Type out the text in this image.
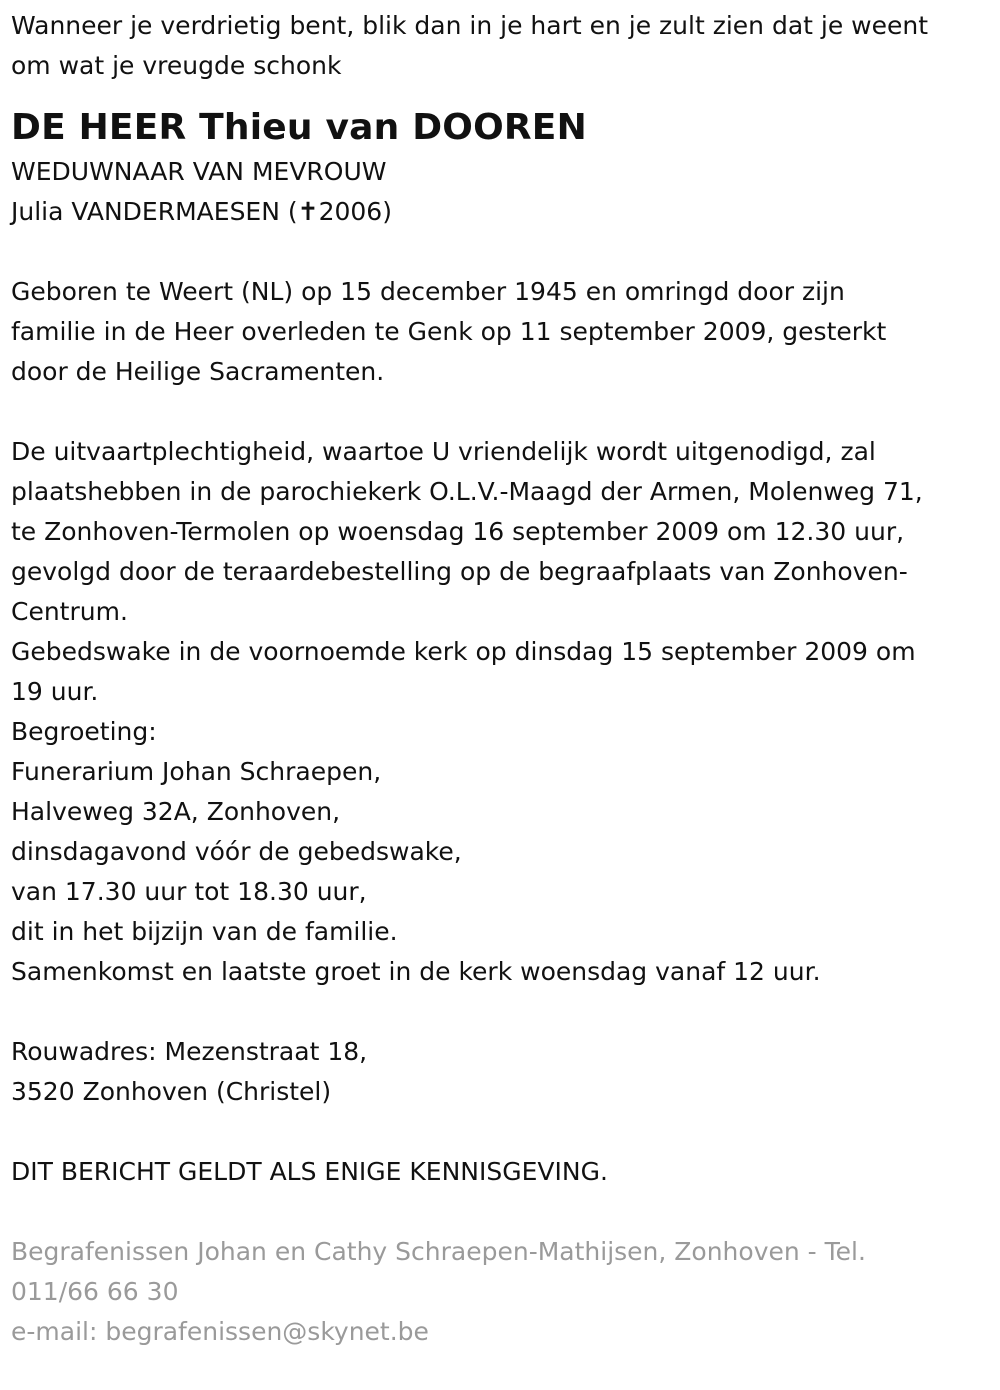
Wanneer je verdrietig bent, blik dan in je hart en je zult zien dat je weent
om wat je vreugde schonk
DE HEER Thieu van DOOREN
WEDUWNAAR VAN MEVROUW
Julia VANDERMAESEN (✝2006)
Geboren te Weert (NL) op 15 december 1945 en omringd door zijn
familie in de Heer overleden te Genk op 11 september 2009, gesterkt
door de Heilige Sacramenten.
De uitvaartplechtigheid, waartoe U vriendelijk wordt uitgenodigd, zal
plaatshebben in de parochiekerk O.L.V.-Maagd der Armen, Molenweg 71,
te Zonhoven-Termolen op woensdag 16 september 2009 om 12.30 uur,
gevolgd door de teraardebestelling op de begraafplaats van Zonhoven-
Centrum.
Gebedswake in de voornoemde kerk op dinsdag 15 september 2009 om
19 uur.
Begroeting:
Funerarium Johan Schraepen,
Halveweg 32A, Zonhoven,
dinsdagavond vóór de gebedswake,
van 17.30 uur tot 18.30 uur,
dit in het bijzijn van de familie.
Samenkomst en laatste groet in de kerk woensdag vanaf 12 uur.
Rouwadres: Mezenstraat 18,
3520 Zonhoven (Christel)
DIT BERICHT GELDT ALS ENIGE KENNISGEVING.
Begrafenissen Johan en Cathy Schraepen-Mathijsen, Zonhoven - Tel.
011/66 66 30
e-mail: begrafenissen@skynet.be
